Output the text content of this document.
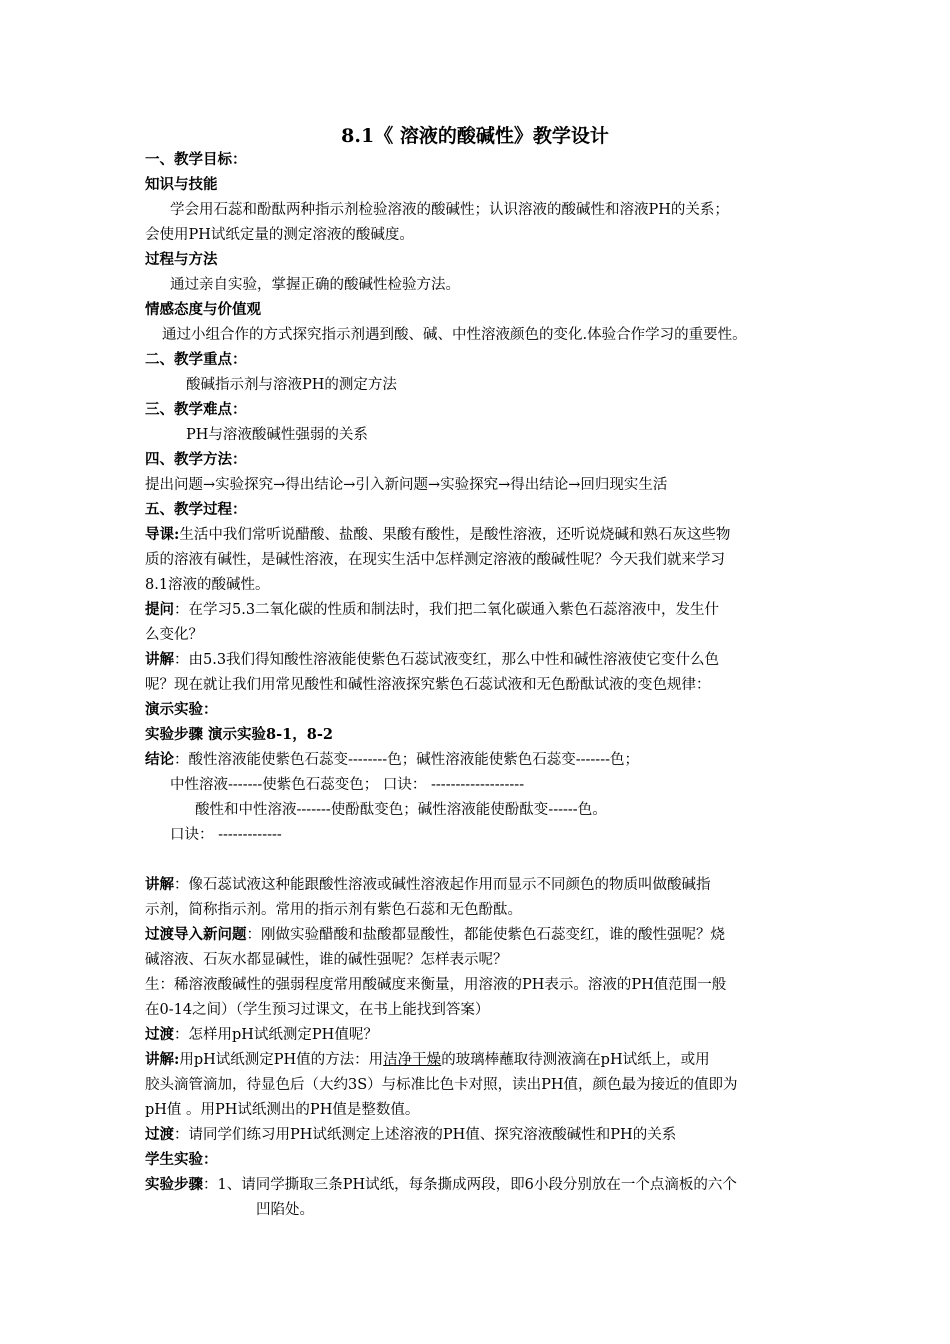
8.1《 溶液的酸碱性》教学设计
一、教学目标：
知识与技能
学会用石蕊和酚酞两种指示剂检验溶液的酸碱性；认识溶液的酸碱性和溶液PH的关系；
会使用PH试纸定量的测定溶液的酸碱度。
过程与方法
通过亲自实验，掌握正确的酸碱性检验方法。
情感态度与价值观
通过小组合作的方式探究指示剂遇到酸、碱、中性溶液颜色的变化.体验合作学习的重要性。
二、教学重点：
酸碱指示剂与溶液PH的测定方法
三、教学难点：
PH与溶液酸碱性强弱的关系
四、教学方法：
提出问题→实验探究→得出结论→引入新问题→实验探究→得出结论→回归现实生活
五、教学过程：
导课:生活中我们常听说醋酸、盐酸、果酸有酸性，是酸性溶液，还听说烧碱和熟石灰这些物
质的溶液有碱性，是碱性溶液，在现实生活中怎样测定溶液的酸碱性呢？今天我们就来学习
8.1溶液的酸碱性。
提问：在学习5.3二氧化碳的性质和制法时，我们把二氧化碳通入紫色石蕊溶液中，发生什
么变化？
讲解：由5.3我们得知酸性溶液能使紫色石蕊试液变红，那么中性和碱性溶液使它变什么色
呢？现在就让我们用常见酸性和碱性溶液探究紫色石蕊试液和无色酚酞试液的变色规律：
演示实验：
实验步骤 演示实验8-1，8-2
结论：酸性溶液能使紫色石蕊变--------色；碱性溶液能使紫色石蕊变-------色；
中性溶液-------使紫色石蕊变色； 口诀： -------------------
酸性和中性溶液-------使酚酞变色；碱性溶液能使酚酞变------色。
口诀： -------------
讲解：像石蕊试液这种能跟酸性溶液或碱性溶液起作用而显示不同颜色的物质叫做酸碱指
示剂，简称指示剂。常用的指示剂有紫色石蕊和无色酚酞。
过渡导入新问题：刚做实验醋酸和盐酸都显酸性，都能使紫色石蕊变红，谁的酸性强呢？烧
碱溶液、石灰水都显碱性，谁的碱性强呢？怎样表示呢？
生：稀溶液酸碱性的强弱程度常用酸碱度来衡量，用溶液的PH表示。溶液的PH值范围一般
在0-14之间）（学生预习过课文，在书上能找到答案）
过渡：怎样用pH试纸测定PH值呢？
讲解:用pH试纸测定PH值的方法：用洁净干燥的玻璃棒蘸取待测液滴在pH试纸上，或用
胶头滴管滴加，待显色后（大约3S）与标准比色卡对照，读出PH值，颜色最为接近的值即为
pH值 。用PH试纸测出的PH值是整数值。
过渡：请同学们练习用PH试纸测定上述溶液的PH值、探究溶液酸碱性和PH的关系
学生实验：
实验步骤：1、请同学撕取三条PH试纸，每条撕成两段，即6小段分别放在一个点滴板的六个
凹陷处。
